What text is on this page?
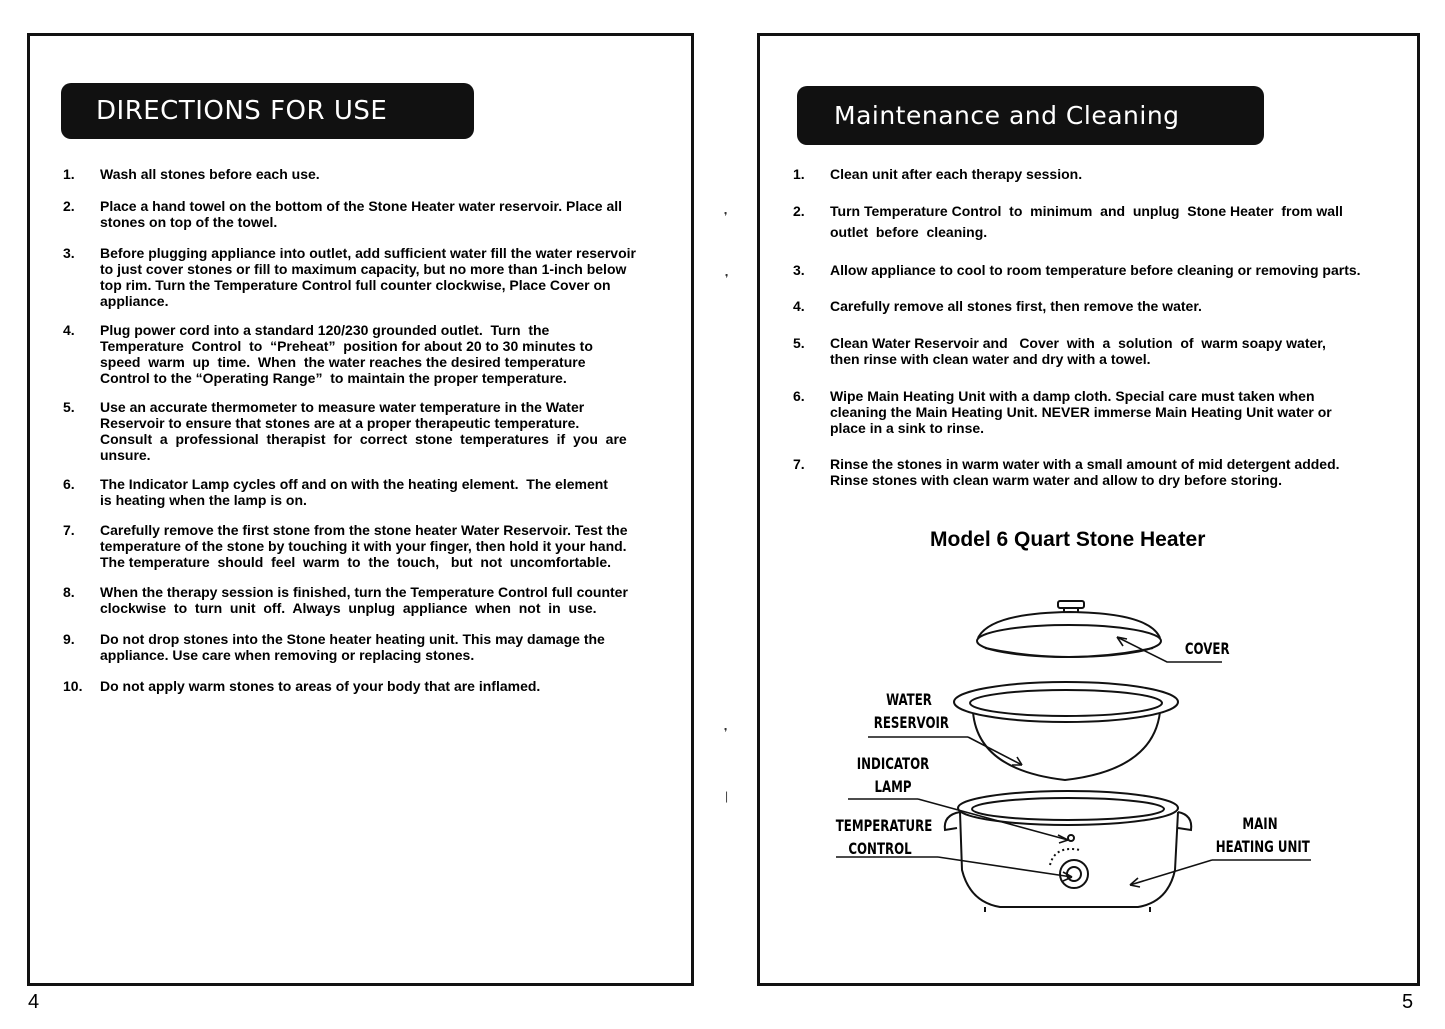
DIRECTIONS FOR USE	Maintenance and Cleaning
1. Wash all stones before each use.
2. Place a hand towel on the bottom of the Stone Heater water reservoir. Place all
stones on top of the towel.
3. Before plugging appliance into outlet, add sufficient water fill the water reservoir
to just cover stones or fill to maximum capacity, but no more than 1-inch below
top rim. Turn the Temperature Control full counter clockwise, Place Cover on
appliance.
4. Plug power cord into a standard 120/230 grounded outlet.  Turn  the
Temperature  Control  to  “Preheat”  position for about 20 to 30 minutes to
speed  warm  up  time.  When  the water reaches the desired temperature
Control to the “Operating Range”  to maintain the proper temperature.
5. Use an accurate thermometer to measure water temperature in the Water
Reservoir to ensure that stones are at a proper therapeutic temperature.
Consult  a  professional  therapist  for  correct  stone  temperatures  if  you  are
unsure.
6. The Indicator Lamp cycles off and on with the heating element.  The element
is heating when the lamp is on.
7. Carefully remove the first stone from the stone heater Water Reservoir. Test the
temperature of the stone by touching it with your finger, then hold it your hand.
The temperature  should  feel  warm  to  the  touch,   but  not  uncomfortable.
8. When the therapy session is finished, turn the Temperature Control full counter
clockwise  to  turn  unit  off.  Always  unplug  appliance  when  not  in  use.
9. Do not drop stones into the Stone heater heating unit. This may damage the
appliance. Use care when removing or replacing stones.
10. Do not apply warm stones to areas of your body that are inflamed.
1. Clean unit after each therapy session.
2. Turn Temperature Control  to  minimum  and  unplug  Stone Heater  from wall
outlet  before  cleaning.
3. Allow appliance to cool to room temperature before cleaning or removing parts.
4. Carefully remove all stones first, then remove the water.
5. Clean Water Reservoir and   Cover  with  a  solution  of  warm soapy water,
then rinse with clean water and dry with a towel.
6. Wipe Main Heating Unit with a damp cloth. Special care must taken when
cleaning the Main Heating Unit. NEVER immerse Main Heating Unit water or
place in a sink to rinse.
7. Rinse the stones in warm water with a small amount of mid detergent added.
Rinse stones with clean warm water and allow to dry before storing.
Model 6 Quart Stone Heater
COVER
WATER
RESERVOIR
INDICATOR
LAMP
TEMPERATURE
CONTROL
MAIN
HEATING UNIT
4	5
❜
❜
❜
❘
